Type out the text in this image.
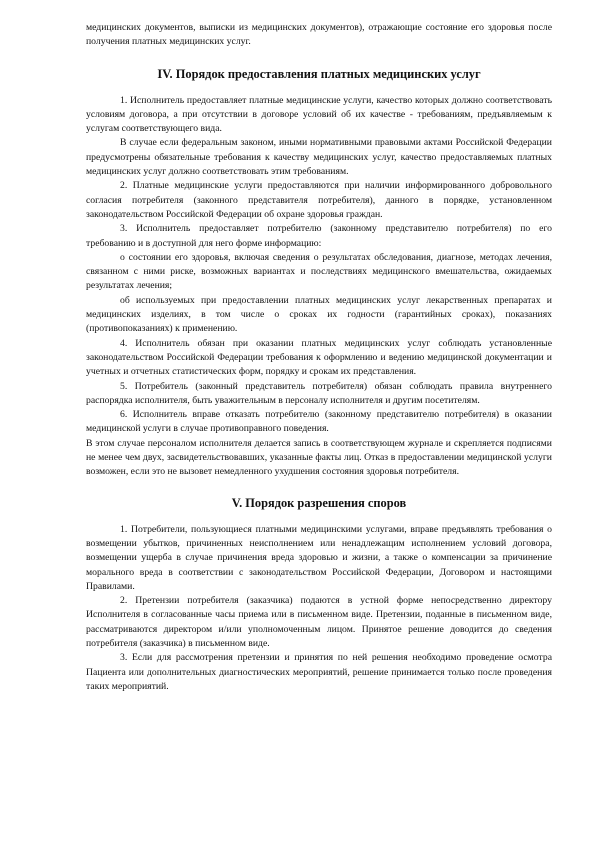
медицинских документов, выписки из медицинских документов), отражающие состояние его здоровья после получения платных медицинских услуг.

IV. Порядок предоставления платных медицинских услуг

1. Исполнитель предоставляет платные медицинские услуги, качество которых должно соответствовать условиям договора, а при отсутствии в договоре условий об их качестве - требованиям, предъявляемым к услугам соответствующего вида.

В случае если федеральным законом, иными нормативными правовыми актами Российской Федерации предусмотрены обязательные требования к качеству медицинских услуг, качество предоставляемых платных медицинских услуг должно соответствовать этим требованиям.

2. Платные медицинские услуги предоставляются при наличии информированного добровольного согласия потребителя (законного представителя потребителя), данного в порядке, установленном законодательством Российской Федерации об охране здоровья граждан.

3. Исполнитель предоставляет потребителю (законному представителю потребителя) по его требованию и в доступной для него форме информацию:

о состоянии его здоровья, включая сведения о результатах обследования, диагнозе, методах лечения, связанном с ними риске, возможных вариантах и последствиях медицинского вмешательства, ожидаемых результатах лечения;

об используемых при предоставлении платных медицинских услуг лекарственных препаратах и медицинских изделиях, в том числе о сроках их годности (гарантийных сроках), показаниях (противопоказаниях) к применению.

4. Исполнитель обязан при оказании платных медицинских услуг соблюдать установленные законодательством Российской Федерации требования к оформлению и ведению медицинской документации и учетных и отчетных статистических форм, порядку и срокам их представления.

5. Потребитель (законный представитель потребителя) обязан соблюдать правила внутреннего распорядка исполнителя, быть уважительным в персоналу исполнителя и другим посетителям.

6. Исполнитель вправе отказать потребителю (законному представителю потребителя) в оказании медицинской услуги в случае противоправного поведения.

В этом случае персоналом исполнителя делается запись в соответствующем журнале и скрепляется подписями не менее чем двух, засвидетельствовавших, указанные факты лиц. Отказ в предоставлении медицинской услуги возможен, если это не вызовет немедленного ухудшения состояния здоровья потребителя.

V. Порядок разрешения споров

1. Потребители, пользующиеся платными медицинскими услугами, вправе предъявлять требования о возмещении убытков, причиненных неисполнением или ненадлежащим исполнением условий договора, возмещении ущерба в случае причинения вреда здоровью и жизни, а также о компенсации за причинение морального вреда в соответствии с законодательством Российской Федерации, Договором и настоящими Правилами.

2. Претензии потребителя (заказчика) подаются в устной форме непосредственно директору Исполнителя в согласованные часы приема или в письменном виде. Претензии, поданные в письменном виде, рассматриваются директором и/или уполномоченным лицом. Принятое решение доводится до сведения потребителя (заказчика) в письменном виде.

3. Если для рассмотрения претензии и принятия по ней решения необходимо проведение осмотра Пациента или дополнительных диагностических мероприятий, решение принимается только после проведения таких мероприятий.
